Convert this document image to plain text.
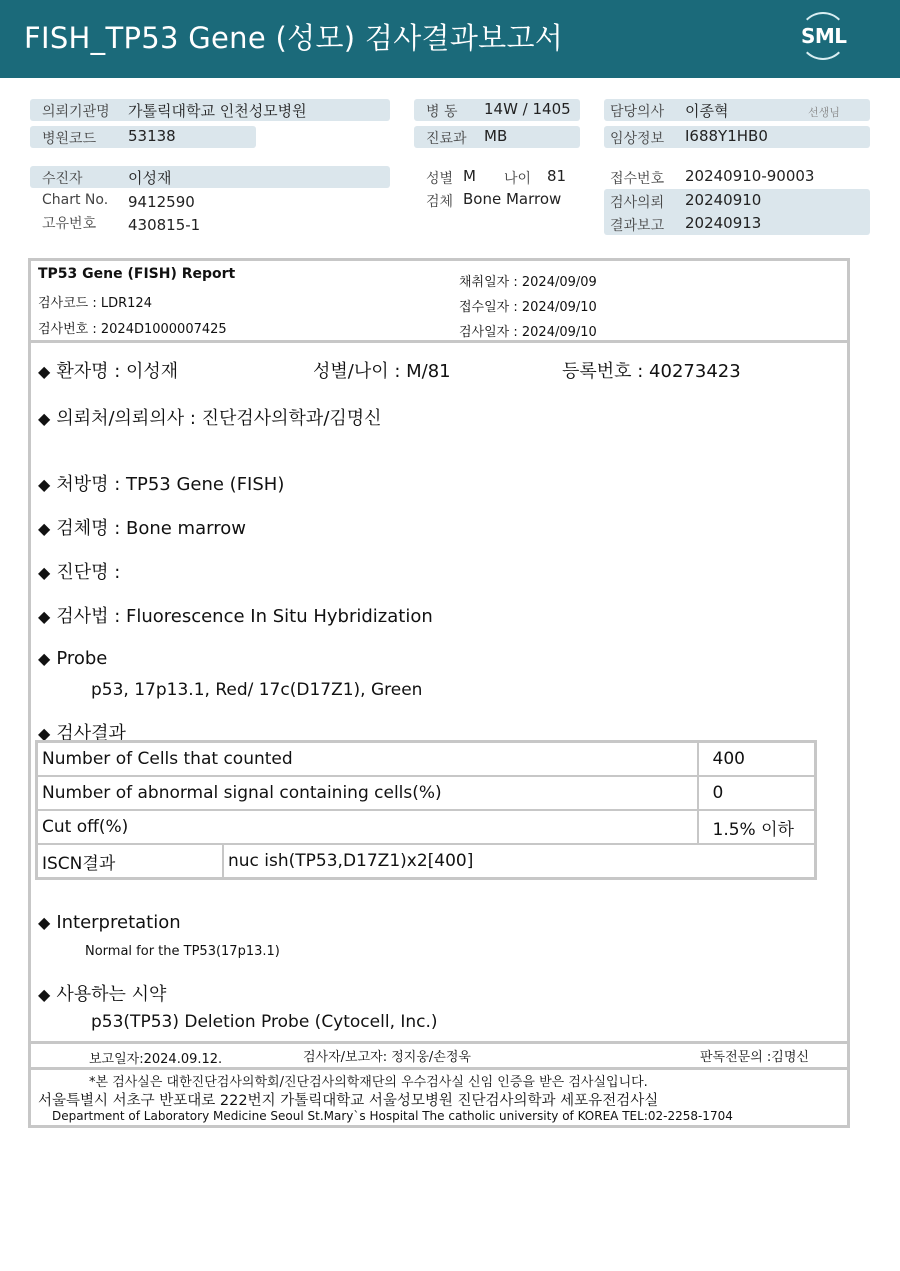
FISH_TP53 Gene (성모) 검사결과보고서	SML
의뢰기관명 가톨릭대학교 인천성모병원
병원코드 53138
수진자	이성재
Chart No. 9412590
고유번호 430815-1
병 동 14W / 1405
진료과 MB
성별 M 나이 81
검체 Bone Marrow
담당의사 이종혁	선생님
임상정보 I688Y1HB0
접수번호 20240910-90003
검사의뢰 20240910
결과보고 20240913
TP53 Gene (FISH) Report
검사코드 : LDR124
검사번호 : 2024D1000007425
채취일자 : 2024/09/09
접수일자 : 2024/09/10
검사일자 : 2024/09/10
◆ 환자명 : 이성재	성별/나이 : M/81	등록번호 : 40273423
◆ 의뢰처/의뢰의사 : 진단검사의학과/김명신
◆ 처방명 : TP53 Gene (FISH)
◆ 검체명 : Bone marrow
◆ 진단명 :
◆ 검사법 : Fluorescence In Situ Hybridization
◆ Probe
p53, 17p13.1, Red/ 17c(D17Z1), Green
◆ 검사결과
Number of Cells that counted		400
Number of abnormal signal containing cells(%)		0
Cut off(%)		1.5% 이하
ISCN결과	nuc ish(TP53,D17Z1)x2[400]	
◆ Interpretation
Normal for the TP53(17p13.1)
◆ 사용하는 시약
p53(TP53) Deletion Probe (Cytocell, Inc.)
보고일자:2024.09.12.	검사자/보고자: 정지웅/손정욱	판독전문의 :김명신
*본 검사실은 대한진단검사의학회/진단검사의학재단의 우수검사실 신임 인증을 받은 검사실입니다.
서울특별시 서초구 반포대로 222번지 가톨릭대학교 서울성모병원 진단검사의학과 세포유전검사실
Department of Laboratory Medicine Seoul St.Mary`s Hospital The catholic university of KOREA TEL:02-2258-1704
